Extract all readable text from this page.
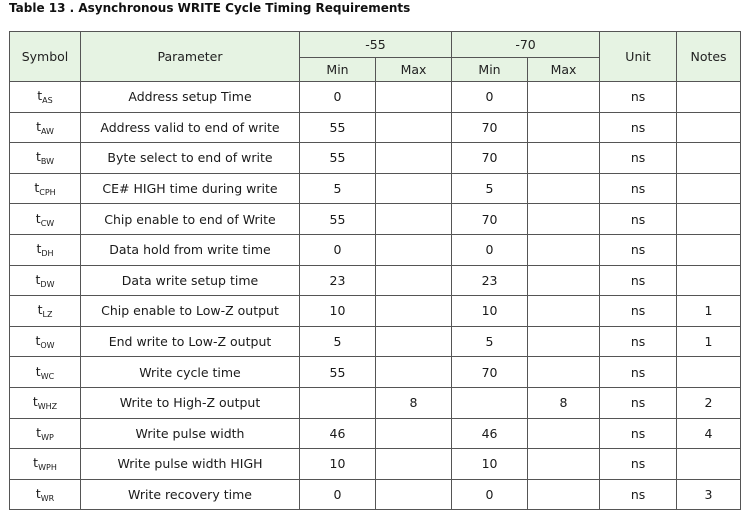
Table 13 . Asynchronous WRITE Cycle Timing Requirements
Symbol	Parameter	-55		-70		Unit	Notes
		Min	Max	Min	Max		
$t_{AS}$	Address setup Time	0		0		ns	
$t_{AW}$	Address valid to end of write	55		70		ns	
$t_{BW}$	Byte select to end of write	55		70		ns	
$t_{CPH}$	CE# HIGH time during write	5		5		ns	
$t_{CW}$	Chip enable to end of Write	55		70		ns	
$t_{DH}$	Data hold from write time	0		0		ns	
$t_{DW}$	Data write setup time	23		23		ns	
$t_{LZ}$	Chip enable to Low-Z output	10		10		ns	1
$t_{OW}$	End write to Low-Z output	5		5		ns	1
$t_{WC}$	Write cycle time	55		70		ns	
$t_{WHZ}$	Write to High-Z output		8		8	ns	2
$t_{WP}$	Write pulse width	46		46		ns	4
$t_{WPH}$	Write pulse width HIGH	10		10		ns	
$t_{WR}$	Write recovery time	0		0		ns	3
